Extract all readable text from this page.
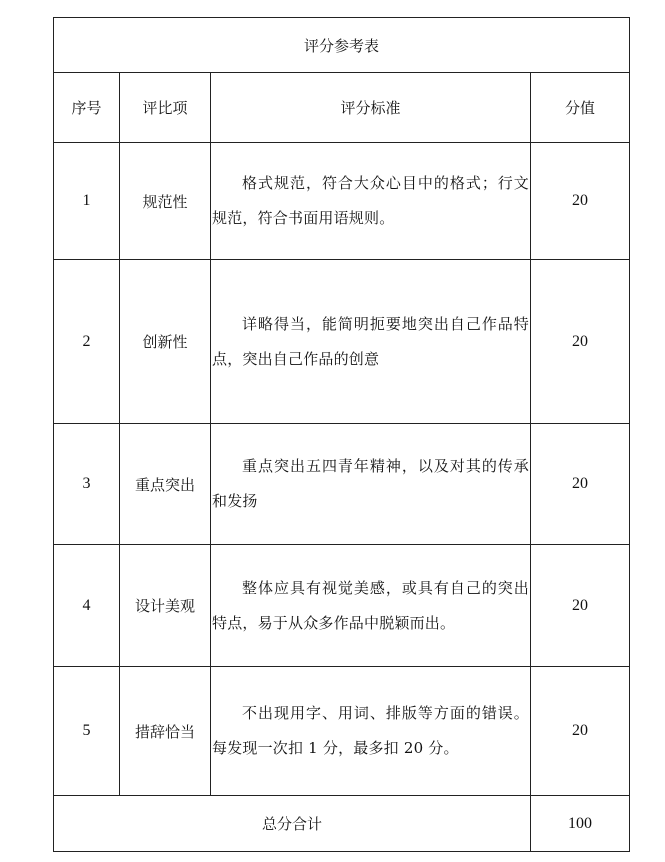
评分参考表			
序号	评比项	评分标准	分值
1	规范性	格式规范，符合大众心目中的格式；行文规范，符合书面用语规则。	20
2	创新性	详略得当，能简明扼要地突出自己作品特点，突出自己作品的创意	20
3	重点突出	重点突出五四青年精神，以及对其的传承和发扬	20
4	设计美观	整体应具有视觉美感，或具有自己的突出特点，易于从众多作品中脱颖而出。	20
5	措辞恰当	不出现用字、用词、排版等方面的错误。每发现一次扣 1 分，最多扣 20 分。	20
总分合计			100
